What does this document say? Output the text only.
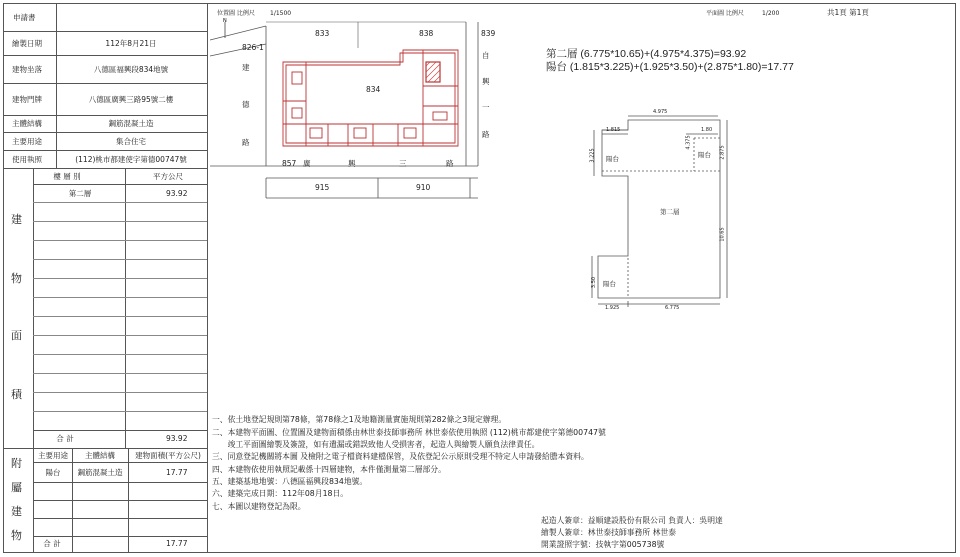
申請書
繪製日期	112年8月21日
建物坐落	八德區福興段834地號
建物門牌	八德區廣興三路95號二樓
主體結構	鋼筋混凝土造
主要用途	集合住宅
使用執照	(112)桃市都建使字第德00747號
建
物
面
積
樓 層 別	平方公尺
第二層	93.92
合 計	93.92
附
屬
建
物
主要用途 主體結構	建物面積(平方公尺)
陽台 鋼筋混凝土造	17.77
合 計	17.77
位置圖 比例尺	1/1500
N
833	838	839
826-1
834
857
915	910
建
德
路
自
興
一
路
廣	興	三	路
平面圖 比例尺	1/200	共1頁 第1頁
第二層 (6.775*10.65)+(4.975*4.375)=93.92
陽台 (1.815*3.225)+(1.925*3.50)+(2.875*1.80)=17.77
第二層
陽台	陽台
陽台
4.975
1.815
4.375
1.80
3.225	2.875
10.65
3.50
1.925	6.775
一、依土地登記規則第78條，第78條之1及地籍測量實施規則第282條之3規定辦理。
二、本建物平面圖、位置圖及建物面積係由林世泰技師事務所 林世泰依使用執照 (112)桃市都建使字第德00747號
　　竣工平面圖繪製及簽證，如有遺漏或錯誤致他人受損害者，起造人與繪製人願負法律責任。
三、同意登記機關將本圖 及檢附之電子檔資料建檔保管，及依登記公示原則受理不特定人申請發給謄本資料。
四、本建物依使用執照記載係十四層建物，本件僅測量第二層部分。
五、建築基地地號：八德區福興段834地號。
六、建築完成日期：112年08月18日。
七、本圖以建物登記為限。
起造人簽章：益順建設股份有限公司 負責人：吳明達
繪製人簽章：林世泰技師事務所 林世泰
開業證照字號：技執字第005738號
